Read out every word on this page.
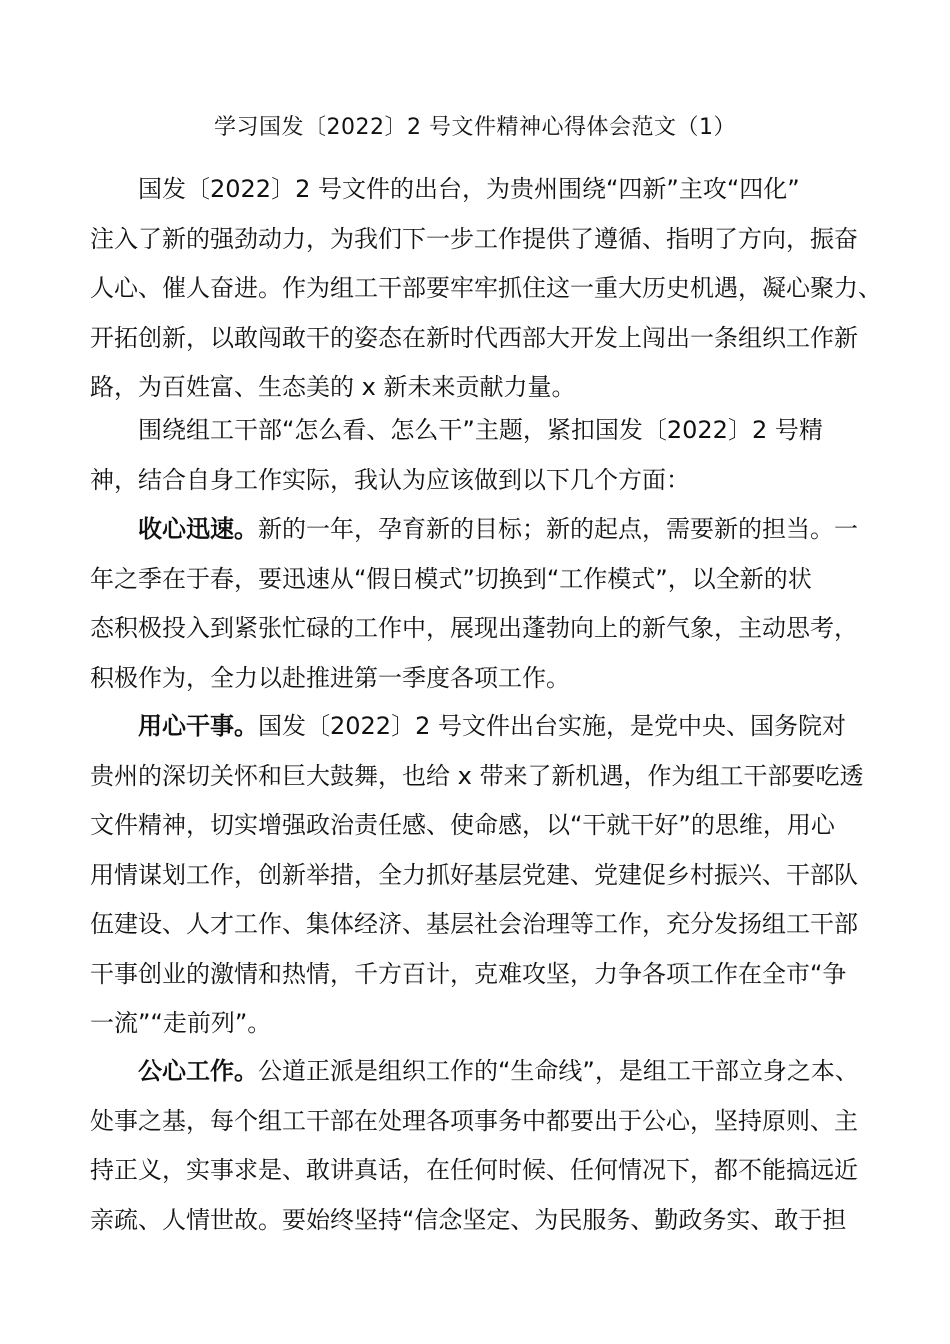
学习国发〔2022〕2 号文件精神心得体会范文（1）

国发〔2022〕2 号文件的出台，为贵州围绕“四新”主攻“四化”
注入了新的强劲动力，为我们下一步工作提供了遵循、指明了方向，振奋
人心、催人奋进。作为组工干部要牢牢抓住这一重大历史机遇，凝心聚力、
开拓创新，以敢闯敢干的姿态在新时代西部大开发上闯出一条组织工作新
路，为百姓富、生态美的 x 新未来贡献力量。

围绕组工干部“怎么看、怎么干”主题，紧扣国发〔2022〕2 号精
神，结合自身工作实际，我认为应该做到以下几个方面：

收心迅速。新的一年，孕育新的目标；新的起点，需要新的担当。一
年之季在于春，要迅速从“假日模式”切换到“工作模式”，以全新的状
态积极投入到紧张忙碌的工作中，展现出蓬勃向上的新气象，主动思考，
积极作为，全力以赴推进第一季度各项工作。

用心干事。国发〔2022〕2 号文件出台实施，是党中央、国务院对
贵州的深切关怀和巨大鼓舞，也给 x 带来了新机遇，作为组工干部要吃透
文件精神，切实增强政治责任感、使命感，以“干就干好”的思维，用心
用情谋划工作，创新举措，全力抓好基层党建、党建促乡村振兴、干部队
伍建设、人才工作、集体经济、基层社会治理等工作，充分发扬组工干部
干事创业的激情和热情，千方百计，克难攻坚，力争各项工作在全市“争
一流”“走前列”。

公心工作。公道正派是组织工作的“生命线”，是组工干部立身之本、
处事之基，每个组工干部在处理各项事务中都要出于公心，坚持原则、主
持正义，实事求是、敢讲真话，在任何时候、任何情况下，都不能搞远近
亲疏、人情世故。要始终坚持“信念坚定、为民服务、勤政务实、敢于担
